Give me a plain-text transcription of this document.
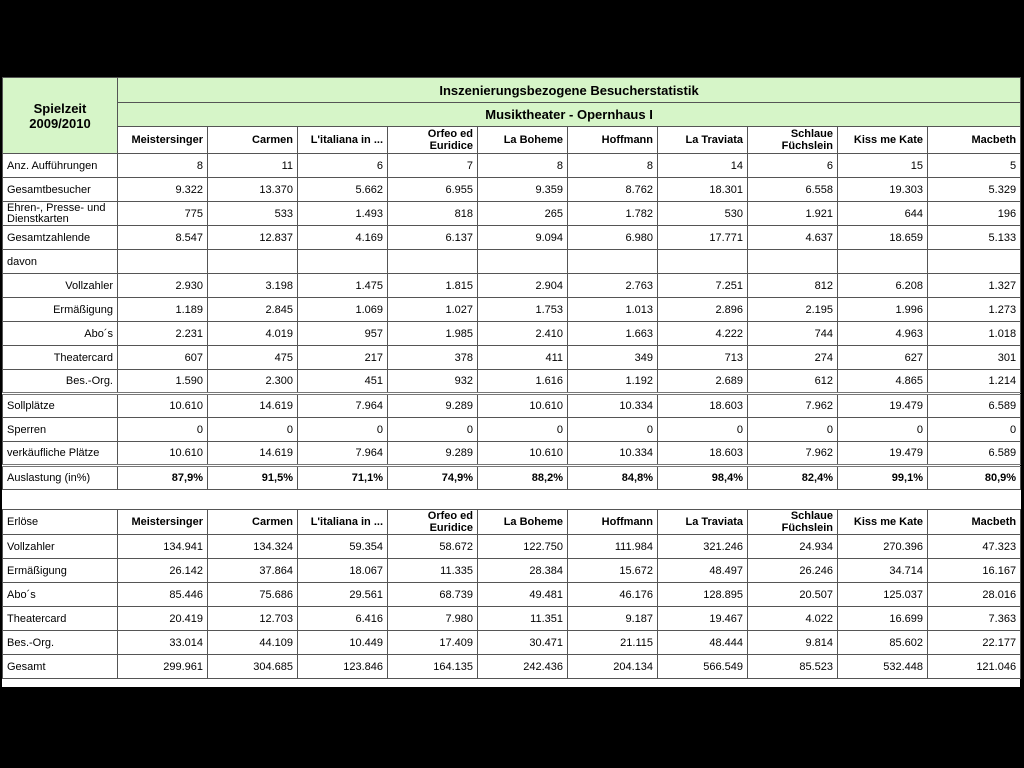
Spielzeit
2009/2010	Inszenierungsbezogene Besucherstatistik									
	Musiktheater - Opernhaus I									
	Meistersinger	Carmen	L'italiana in ...	Orfeo ed Euridice	La Boheme	Hoffmann	La Traviata	Schlaue Füchslein	Kiss me Kate	Macbeth
Anz. Aufführungen	8	11	6	7	8	8	14	6	15	5
Gesamtbesucher	9.322	13.370	5.662	6.955	9.359	8.762	18.301	6.558	19.303	5.329
Ehren-, Presse- und Dienstkarten	775	533	1.493	818	265	1.782	530	1.921	644	196
Gesamtzahlende	8.547	12.837	4.169	6.137	9.094	6.980	17.771	4.637	18.659	5.133
davon										
Vollzahler	2.930	3.198	1.475	1.815	2.904	2.763	7.251	812	6.208	1.327
Ermäßigung	1.189	2.845	1.069	1.027	1.753	1.013	2.896	2.195	1.996	1.273
Abo´s	2.231	4.019	957	1.985	2.410	1.663	4.222	744	4.963	1.018
Theatercard	607	475	217	378	411	349	713	274	627	301
Bes.-Org.	1.590	2.300	451	932	1.616	1.192	2.689	612	4.865	1.214
Sollplätze	10.610	14.619	7.964	9.289	10.610	10.334	18.603	7.962	19.479	6.589
Sperren	0	0	0	0	0	0	0	0	0	0
verkäufliche Plätze	10.610	14.619	7.964	9.289	10.610	10.334	18.603	7.962	19.479	6.589
Auslastung (in%)	87,9%	91,5%	71,1%	74,9%	88,2%	84,8%	98,4%	82,4%	99,1%	80,9%

Erlöse	Meistersinger	Carmen	L'italiana in ...	Orfeo ed Euridice	La Boheme	Hoffmann	La Traviata	Schlaue Füchslein	Kiss me Kate	Macbeth
Vollzahler	134.941	134.324	59.354	58.672	122.750	111.984	321.246	24.934	270.396	47.323
Ermäßigung	26.142	37.864	18.067	11.335	28.384	15.672	48.497	26.246	34.714	16.167
Abo´s	85.446	75.686	29.561	68.739	49.481	46.176	128.895	20.507	125.037	28.016
Theatercard	20.419	12.703	6.416	7.980	11.351	9.187	19.467	4.022	16.699	7.363
Bes.-Org.	33.014	44.109	10.449	17.409	30.471	21.115	48.444	9.814	85.602	22.177
Gesamt	299.961	304.685	123.846	164.135	242.436	204.134	566.549	85.523	532.448	121.046
